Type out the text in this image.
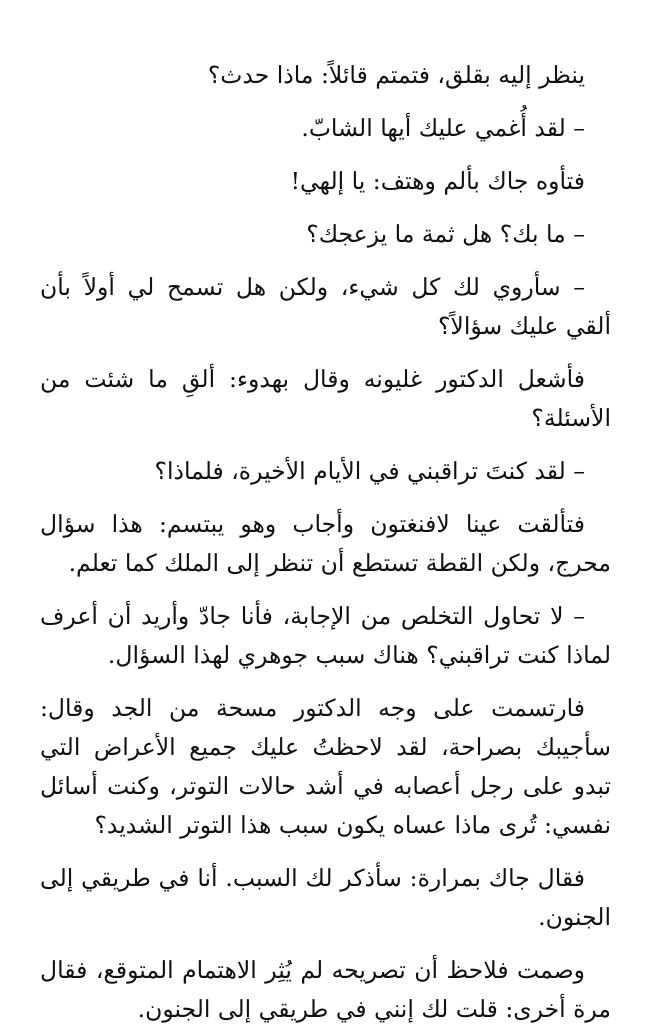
ينظر إليه بقلق، فتمتم قائلاً: ماذا حدث؟

– لقد أُغمي عليك أيها الشابّ.

فتأوه جاك بألم وهتف: يا إلهي!

– ما بك؟ هل ثمة ما يزعجك؟

– سأروي لك كل شيء، ولكن هل تسمح لي أولاً بأن ألقي عليك سؤالاً؟

فأشعل الدكتور غليونه وقال بهدوء: ألقِ ما شئت من الأسئلة؟

– لقد كنتَ تراقبني في الأيام الأخيرة، فلماذا؟

فتألقت عينا لافنغتون وأجاب وهو يبتسم: هذا سؤال محرج، ولكن القطة تستطع أن تنظر إلى الملك كما تعلم.

– لا تحاول التخلص من الإجابة، فأنا جادّ وأريد أن أعرف لماذا كنت تراقبني؟ هناك سبب جوهري لهذا السؤال.

فارتسمت على وجه الدكتور مسحة من الجد وقال: سأجيبك بصراحة، لقد لاحظتُ عليك جميع الأعراض التي تبدو على رجل أعصابه في أشد حالات التوتر، وكنت أسائل نفسي: تُرى ماذا عساه يكون سبب هذا التوتر الشديد؟

فقال جاك بمرارة: سأذكر لك السبب. أنا في طريقي إلى الجنون.

وصمت فلاحظ أن تصريحه لم يُثِر الاهتمام المتوقع، فقال مرة أخرى: قلت لك إنني في طريقي إلى الجنون.
